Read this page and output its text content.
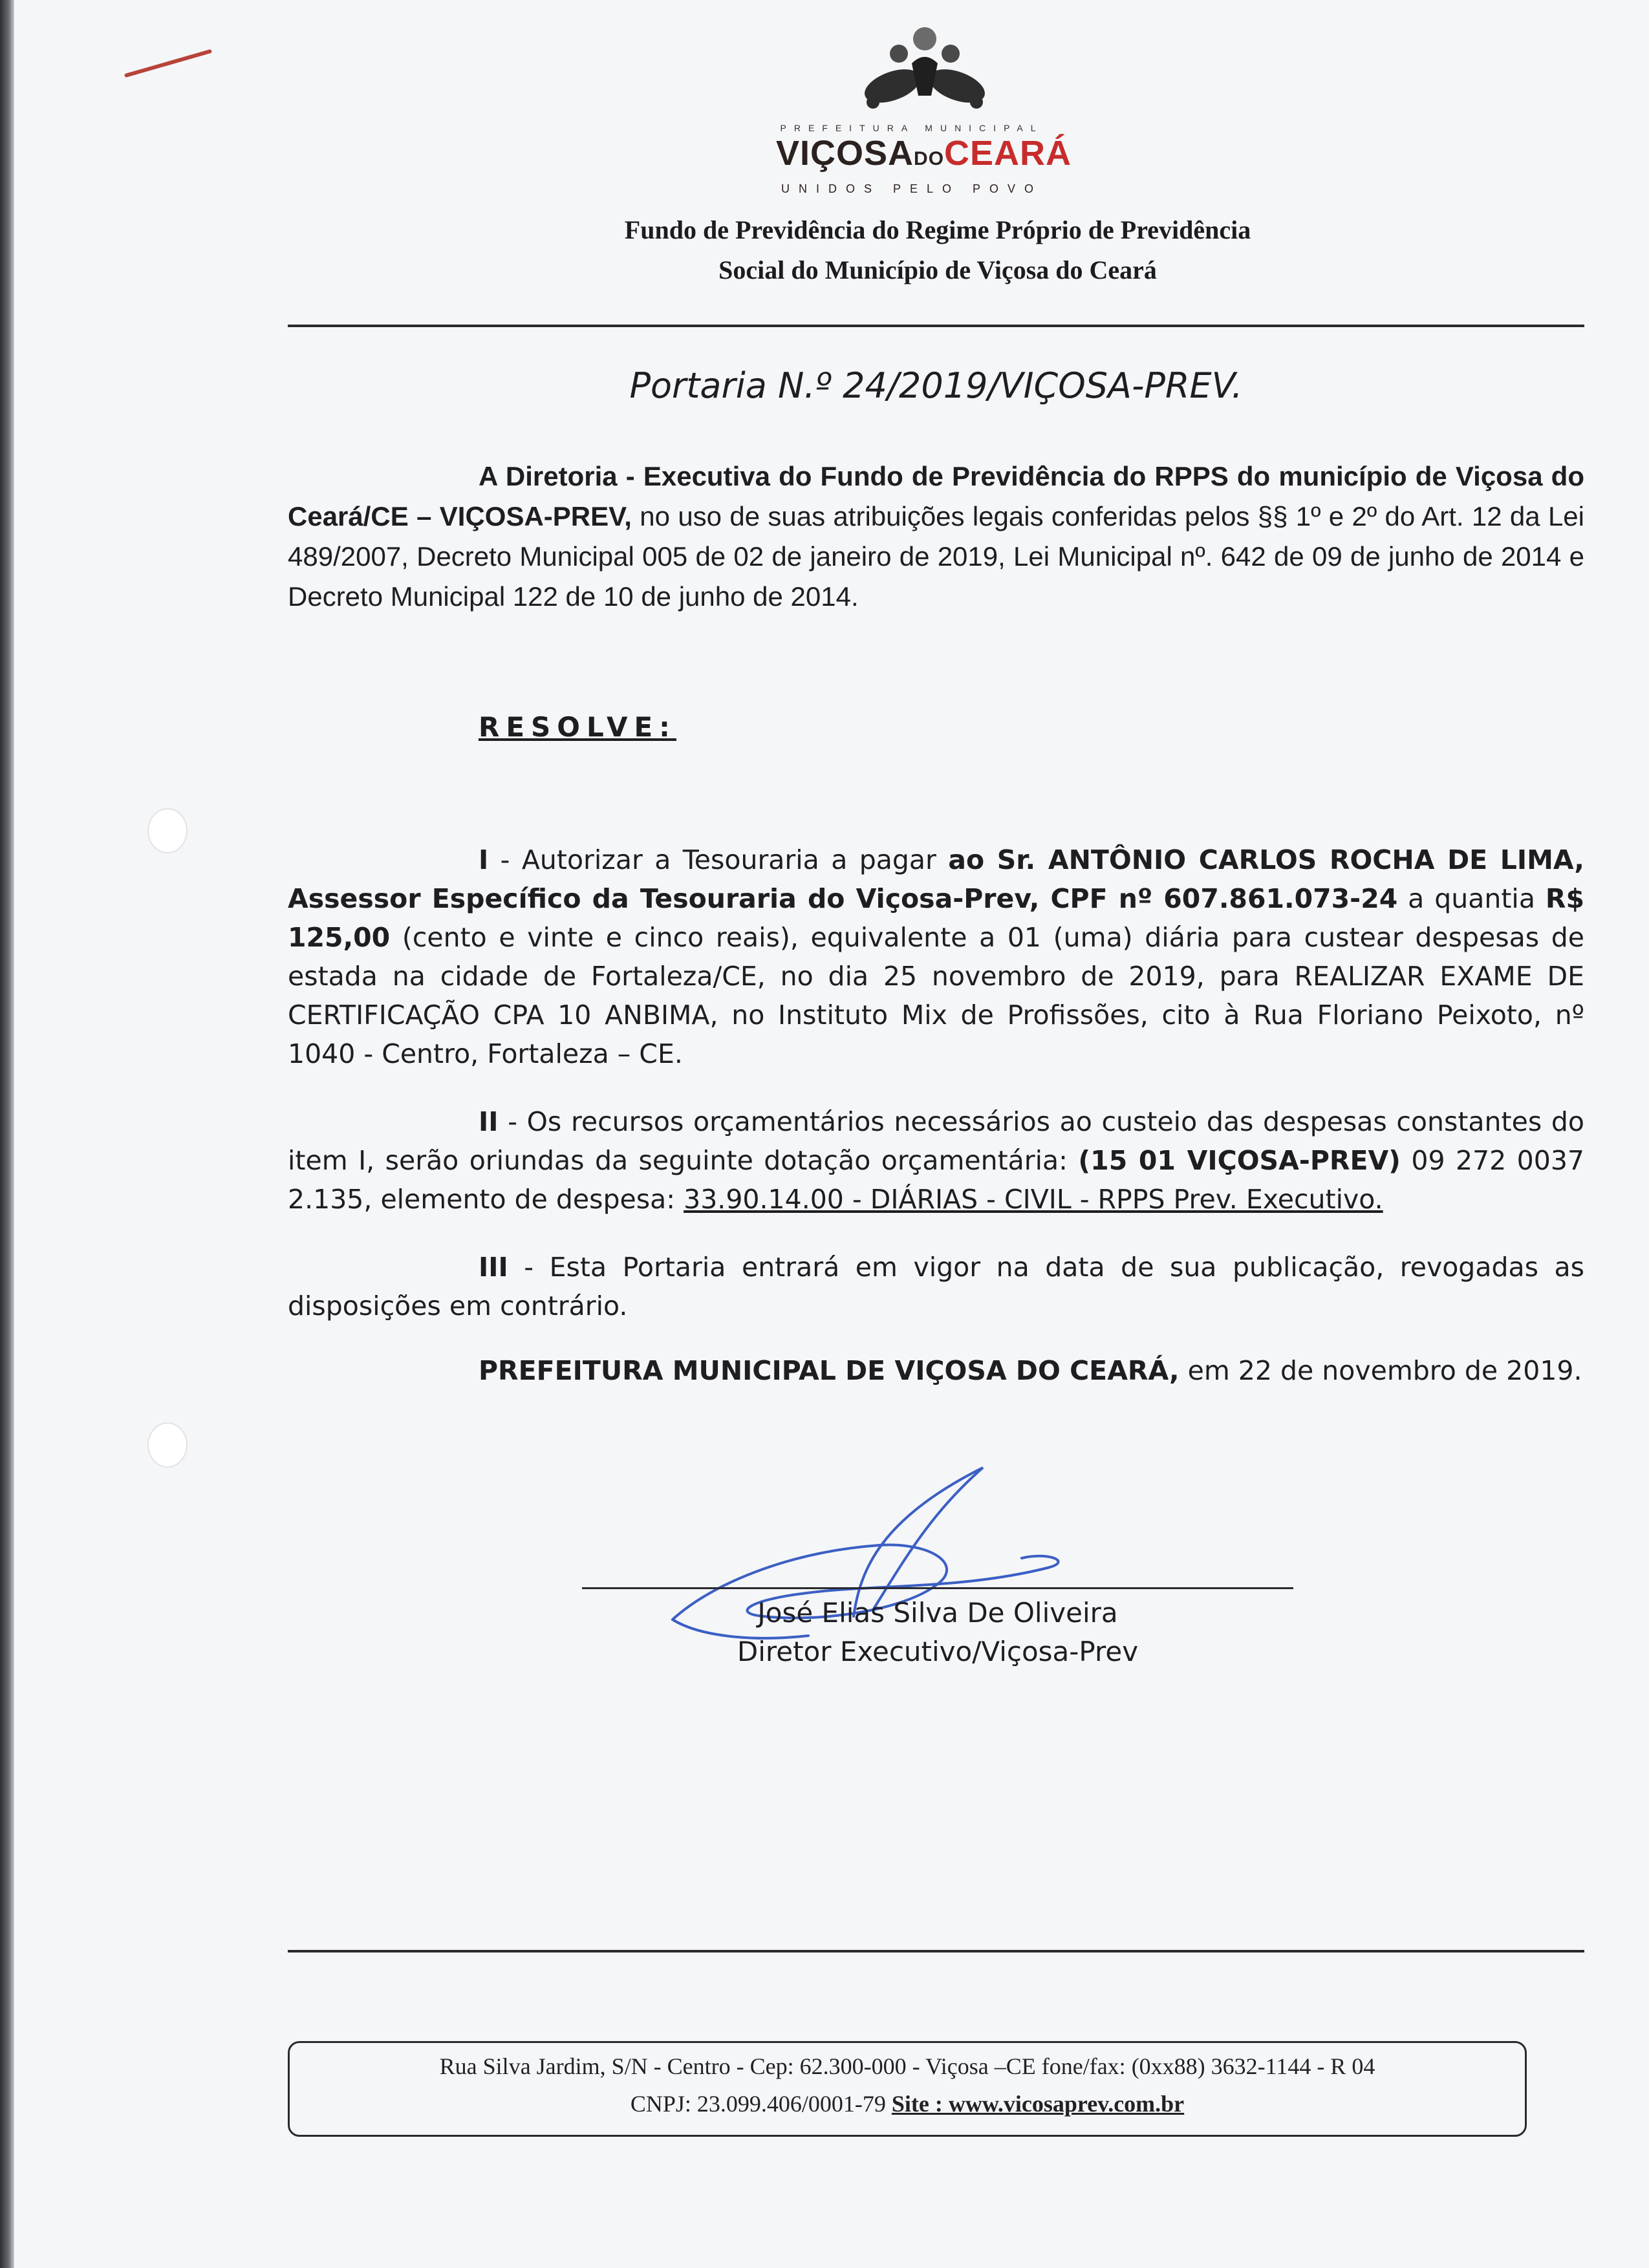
PREFEITURA MUNICIPAL
VIÇOSADOCEARÁ
UNIDOS PELO POVO
Fundo de Previdência do Regime Próprio de Previdência
Social do Município de Viçosa do Ceará
Portaria N.º 24/2019/VIÇOSA-PREV.
A Diretoria - Executiva do Fundo de Previdência do RPPS do município de Viçosa do Ceará/CE – VIÇOSA-PREV, no uso de suas atribuições legais conferidas pelos §§ 1º e 2º do Art. 12 da Lei 489/2007, Decreto Municipal 005 de 02 de janeiro de 2019, Lei Municipal nº. 642 de 09 de junho de 2014 e Decreto Municipal 122 de 10 de junho de 2014.
RESOLVE:
I - Autorizar a Tesouraria a pagar ao Sr. ANTÔNIO CARLOS ROCHA DE LIMA, Assessor Específico da Tesouraria do Viçosa-Prev, CPF nº 607.861.073-24 a quantia R$ 125,00 (cento e vinte e cinco reais), equivalente a 01 (uma) diária para custear despesas de estada na cidade de Fortaleza/CE, no dia 25 novembro de 2019, para REALIZAR EXAME DE CERTIFICAÇÃO CPA 10 ANBIMA, no Instituto Mix de Profissões, cito à Rua Floriano Peixoto, nº 1040 - Centro, Fortaleza – CE.
II - Os recursos orçamentários necessários ao custeio das despesas constantes do item I, serão oriundas da seguinte dotação orçamentária: (15 01 VIÇOSA-PREV) 09 272 0037 2.135, elemento de despesa: 33.90.14.00 - DIÁRIAS - CIVIL - RPPS Prev. Executivo.
III - Esta Portaria entrará em vigor na data de sua publicação, revogadas as disposições em contrário.
PREFEITURA MUNICIPAL DE VIÇOSA DO CEARÁ, em 22 de novembro de 2019.
José Elias Silva De Oliveira
Diretor Executivo/Viçosa-Prev
Rua Silva Jardim, S/N - Centro - Cep: 62.300-000 - Viçosa –CE fone/fax: (0xx88) 3632-1144 - R 04
CNPJ: 23.099.406/0001-79 Site : www.vicosaprev.com.br
